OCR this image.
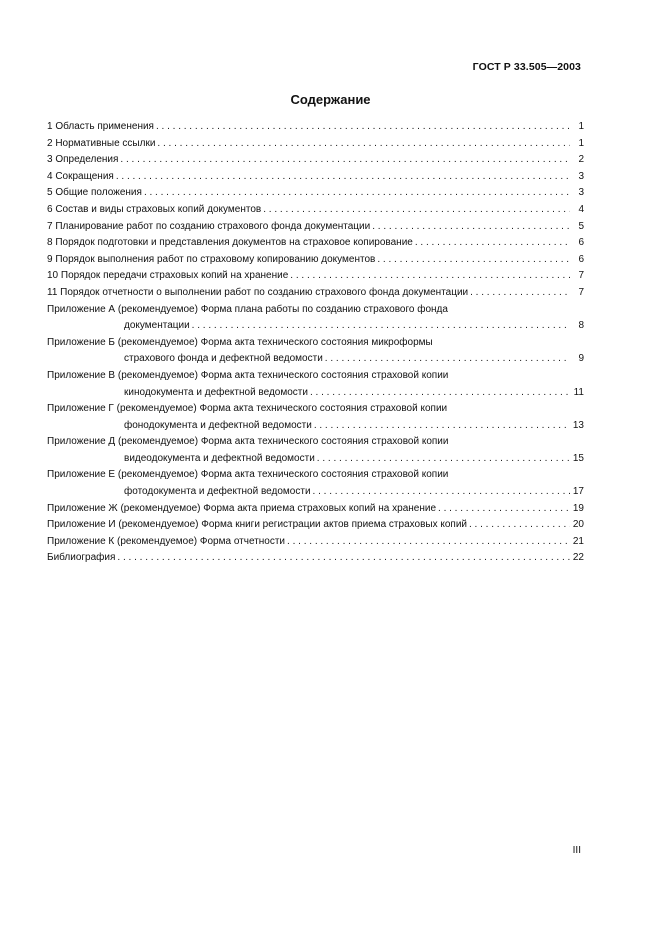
ГОСТ Р 33.505—2003
Содержание
1 Область применения . . .	1
2 Нормативные ссылки . . .	1
3 Определения . . .	2
4 Сокращения . . .	3
5 Общие положения . . .	3
6 Состав и виды страховых копий документов . . .	4
7 Планирование работ по созданию страхового фонда документации . . .	5
8 Порядок подготовки и представления документов на страховое копирование . . .	6
9 Порядок выполнения работ по страховому копированию документов . . .	6
10 Порядок передачи страховых копий на хранение . . .	7
11 Порядок отчетности о выполнении работ по созданию страхового фонда документации . . .	7
Приложение А (рекомендуемое) Форма плана работы по созданию страхового фонда
документации . . .	8
Приложение Б (рекомендуемое) Форма акта технического состояния микроформы
страхового фонда и дефектной ведомости . . .	9
Приложение В (рекомендуемое) Форма акта технического состояния страховой копии
кинодокумента и дефектной ведомости . . .	11
Приложение Г (рекомендуемое) Форма акта технического состояния страховой копии
фонодокумента и дефектной ведомости . . .	13
Приложение Д (рекомендуемое) Форма акта технического состояния страховой копии
видеодокумента и дефектной ведомости . . .	15
Приложение Е (рекомендуемое) Форма акта технического состояния страховой копии
фотодокумента и дефектной ведомости . . .	17
Приложение Ж (рекомендуемое) Форма акта приема страховых копий на хранение . . .	19
Приложение И (рекомендуемое) Форма книги регистрации актов приема страховых копий . . .	20
Приложение К (рекомендуемое) Форма отчетности . . .	21
Библиография . . .	22
III
